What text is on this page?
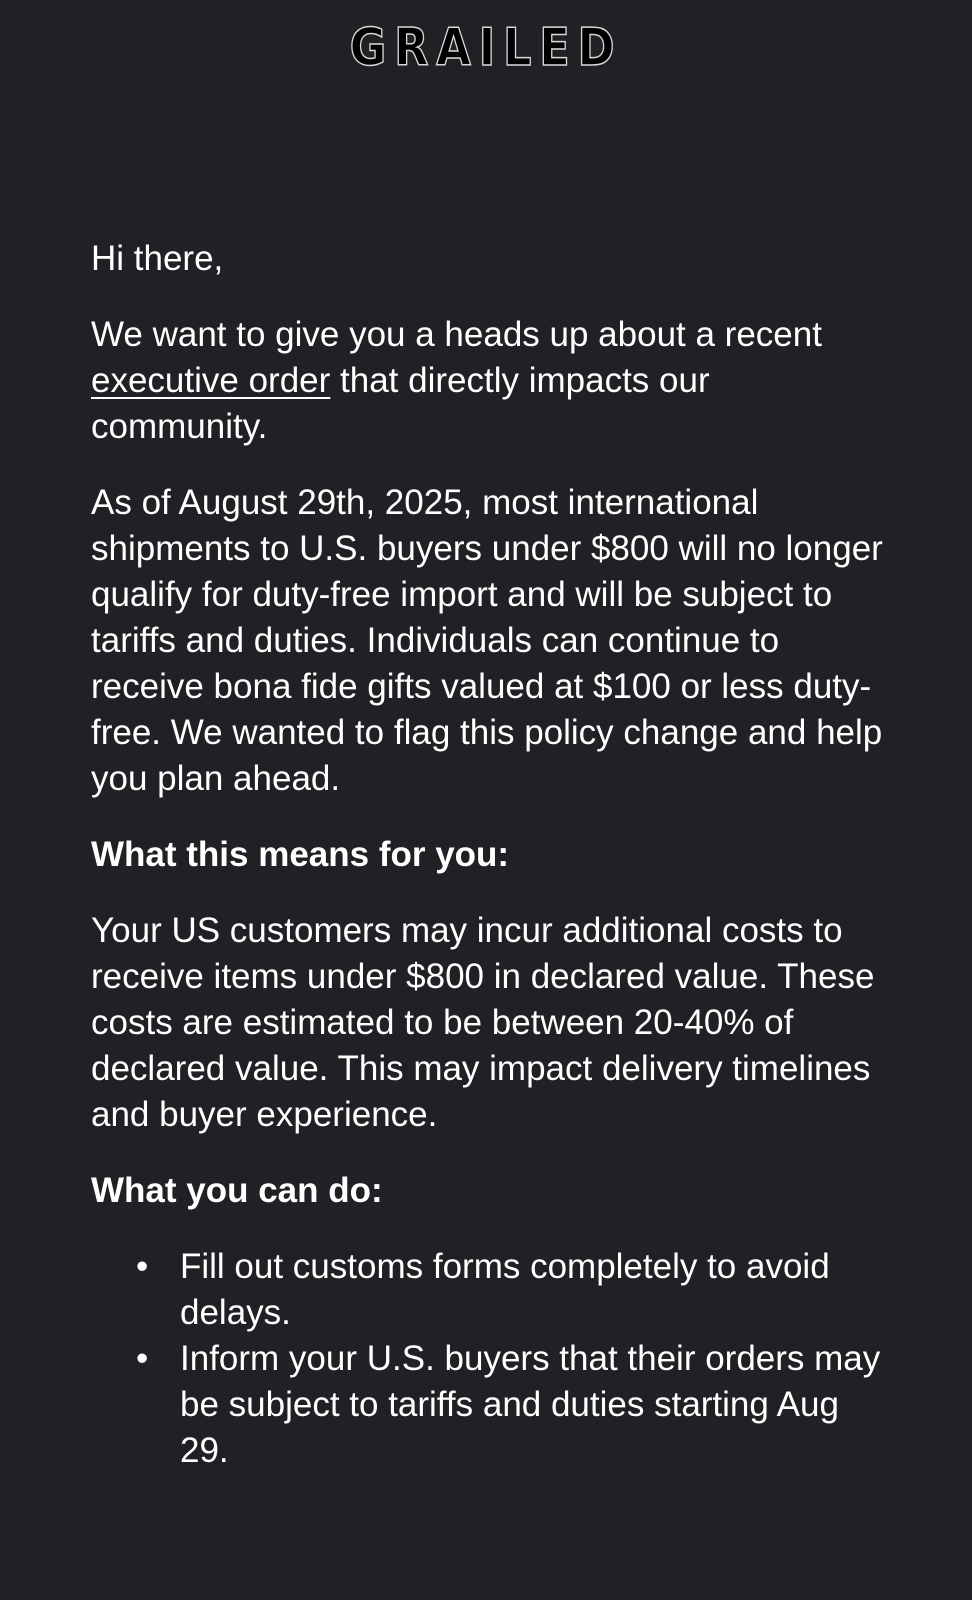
GRAILED

Hi there,

We want to give you a heads up about a recent executive order that directly impacts our community.

As of August 29th, 2025, most international shipments to U.S. buyers under $800 will no longer qualify for duty-free import and will be subject to tariffs and duties. Individuals can continue to receive bona fide gifts valued at $100 or less duty-free. We wanted to flag this policy change and help you plan ahead.

What this means for you:

Your US customers may incur additional costs to receive items under $800 in declared value. These costs are estimated to be between 20-40% of declared value. This may impact delivery timelines and buyer experience.

What you can do:
• Fill out customs forms completely to avoid delays.
• Inform your U.S. buyers that their orders may be subject to tariffs and duties starting Aug 29.
